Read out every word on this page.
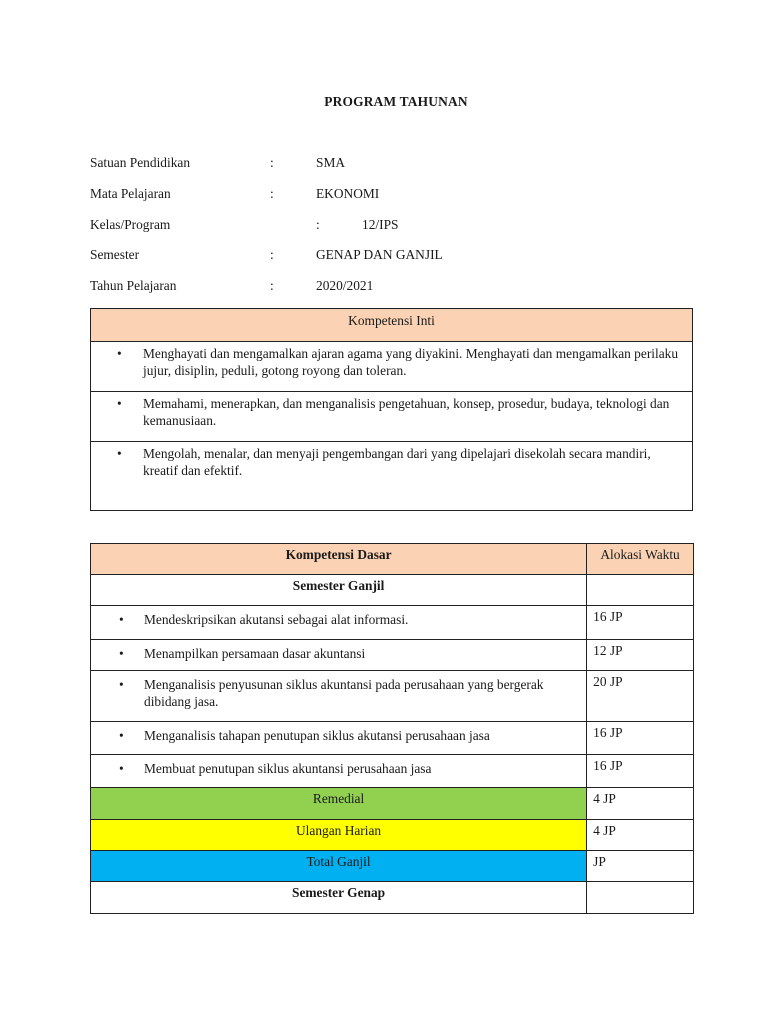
PROGRAM TAHUNAN
Satuan Pendidikan	:	SMA
Mata Pelajaran	:	EKONOMI
Kelas/Program	:	12/IPS
Semester	:	GENAP DAN GANJIL
Tahun Pelajaran	:	2020/2021
Kompetensi Inti

• Menghayati dan mengamalkan ajaran agama yang diyakini. Menghayati dan mengamalkan perilaku jujur, disiplin, peduli, gotong royong dan toleran.

• Memahami, menerapkan, dan menganalisis pengetahuan, konsep, prosedur, budaya, teknologi dan kemanusiaan.

• Mengolah, menalar, dan menyaji pengembangan dari yang dipelajari disekolah secara mandiri, kreatif dan efektif.
Kompetensi Dasar	Alokasi Waktu
Semester Ganjil	

• Mendeskripsikan akutansi sebagai alat informasi.	16 JP

• Menampilkan persamaan dasar akuntansi	12 JP

• Menganalisis penyusunan siklus akuntansi pada perusahaan yang bergerak dibidang jasa.	20 JP

• Menganalisis tahapan penutupan siklus akutansi perusahaan jasa	16 JP

• Membuat penutupan siklus akuntansi perusahaan jasa	16 JP
Remedial	4 JP
Ulangan Harian	4 JP
Total Ganjil	JP
Semester Genap	
